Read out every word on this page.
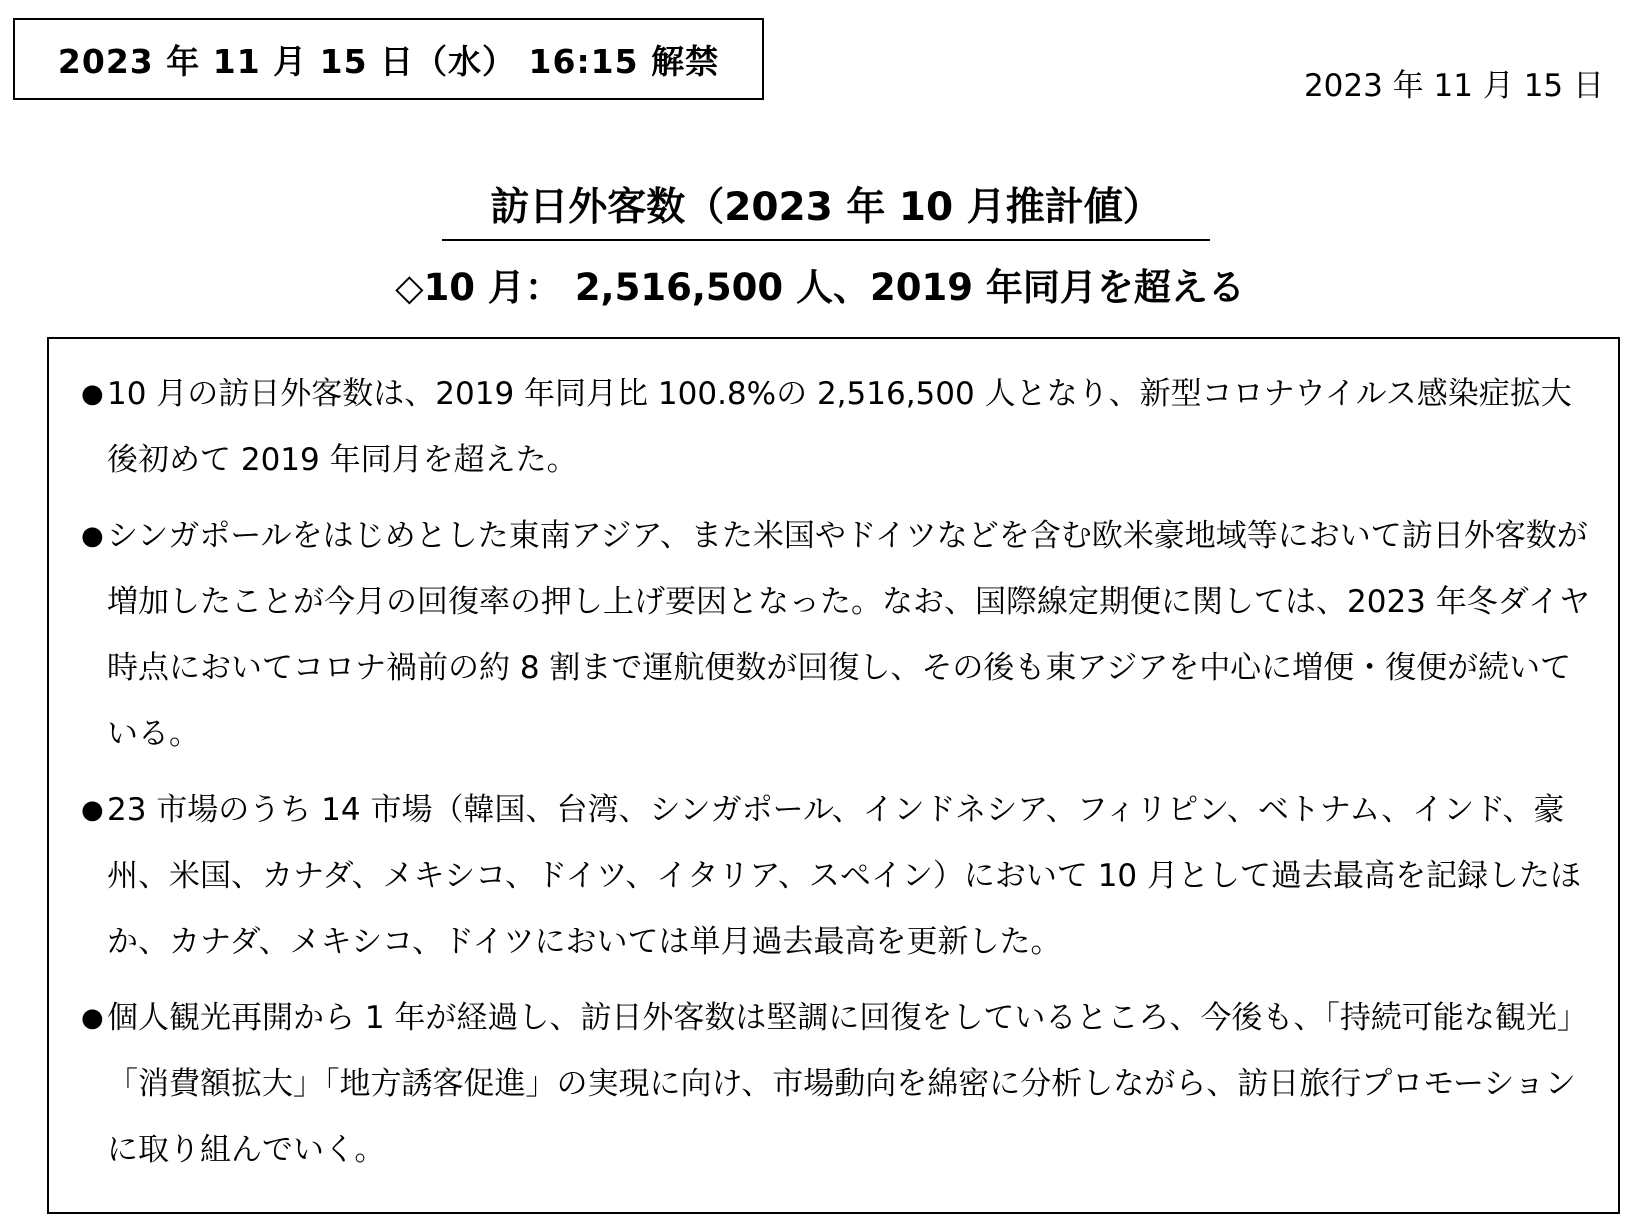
2023 年 11 月 15 日（水） 16:15 解禁
2023 年 11 月 15 日
訪日外客数（2023 年 10 月推計値）
◇10 月： 2,516,500 人、2019 年同月を超える
● 10 月の訪日外客数は、2019 年同月比 100.8%の 2,516,500 人となり、新型コロナウイルス感染症拡大後初めて 2019 年同月を超えた。
● シンガポールをはじめとした東南アジア、また米国やドイツなどを含む欧米豪地域等において訪日外客数が増加したことが今月の回復率の押し上げ要因となった。なお、国際線定期便に関しては、2023 年冬ダイヤ時点においてコロナ禍前の約 8 割まで運航便数が回復し、その後も東アジアを中心に増便・復便が続いている。
● 23 市場のうち 14 市場（韓国、台湾、シンガポール、インドネシア、フィリピン、ベトナム、インド、豪州、米国、カナダ、メキシコ、ドイツ、イタリア、スペイン）において 10 月として過去最高を記録したほか、カナダ、メキシコ、ドイツにおいては単月過去最高を更新した。
● 個人観光再開から 1 年が経過し、訪日外客数は堅調に回復をしているところ、今後も、「持続可能な観光」「消費額拡大」「地方誘客促進」の実現に向け、市場動向を綿密に分析しながら、訪日旅行プロモーションに取り組んでいく。
